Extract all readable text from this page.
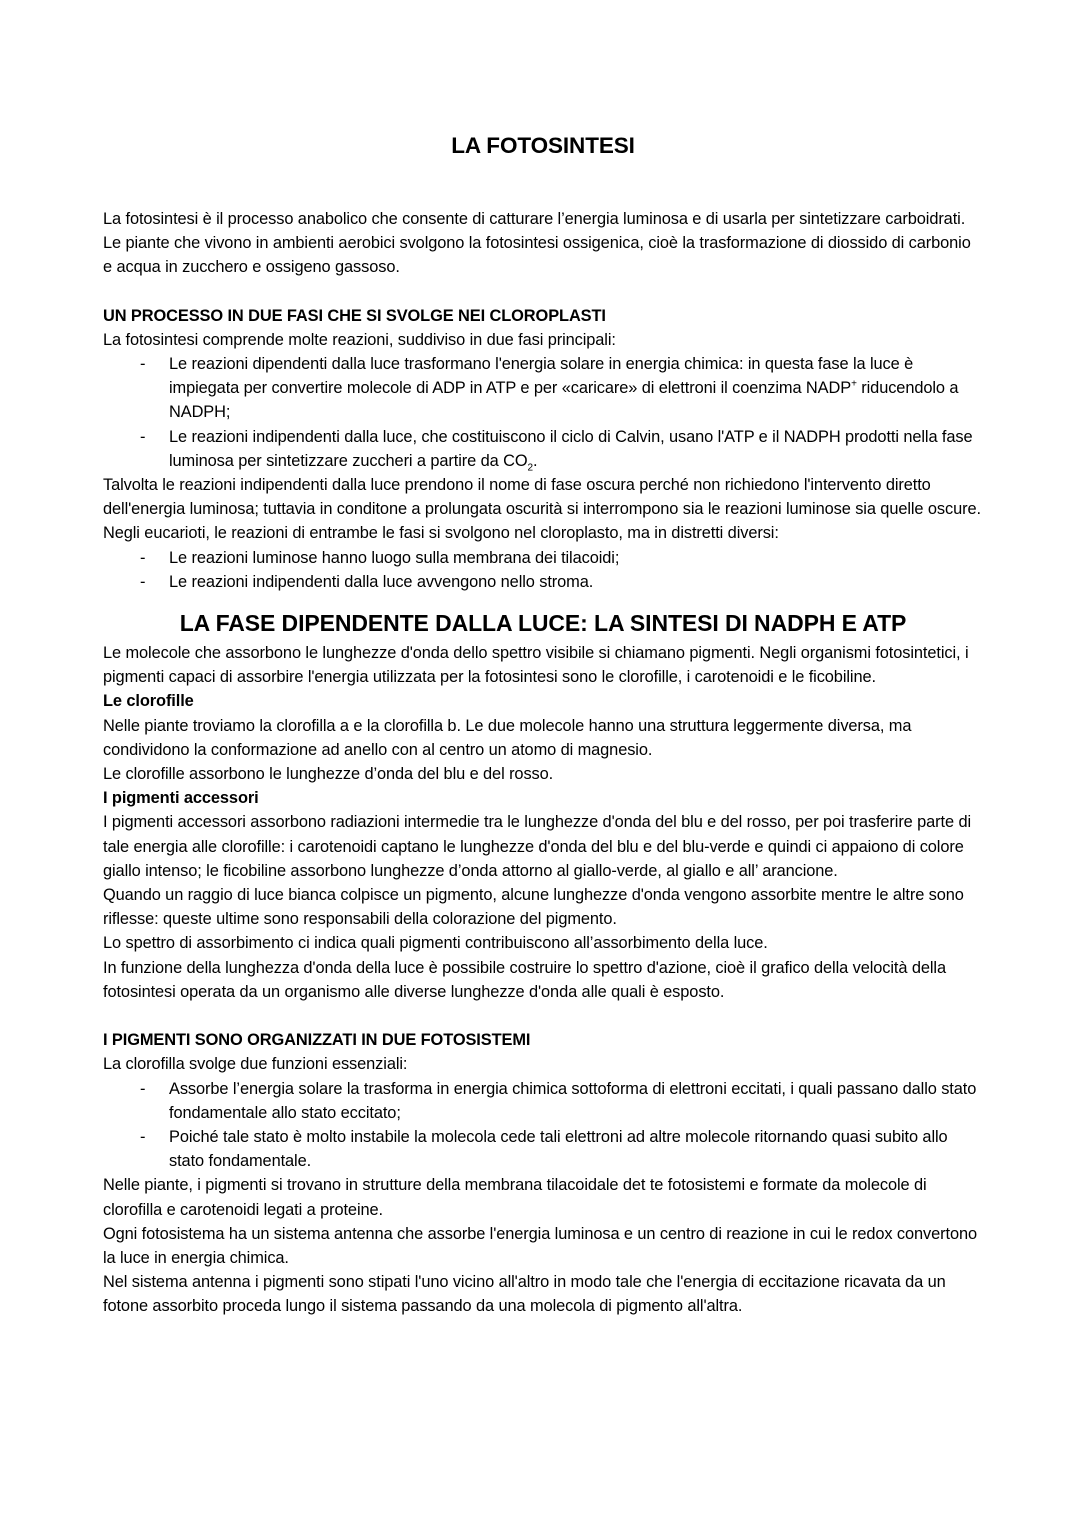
LA FOTOSINTESI

La fotosintesi è il processo anabolico che consente di catturare l’energia luminosa e di usarla per sintetizzare carboidrati. Le piante che vivono in ambienti aerobici svolgono la fotosintesi ossigenica, cioè la trasformazione di diossido di carbonio e acqua in zucchero e ossigeno gassoso.

UN PROCESSO IN DUE FASI CHE SI SVOLGE NEI CLOROPLASTI

La fotosintesi comprende molte reazioni, suddiviso in due fasi principali:

- Le reazioni dipendenti dalla luce trasformano l'energia solare in energia chimica: in questa fase la luce è impiegata per convertire molecole di ADP in ATP e per «caricare» di elettroni il coenzima NADP+ riducendolo a NADPH;
- Le reazioni indipendenti dalla luce, che costituiscono il ciclo di Calvin, usano l'ATP e il NADPH prodotti nella fase luminosa per sintetizzare zuccheri a partire da $CO_2$.

Talvolta le reazioni indipendenti dalla luce prendono il nome di fase oscura perché non richiedono l'intervento diretto dell'energia luminosa; tuttavia in conditone a prolungata oscurità si interrompono sia le reazioni luminose sia quelle oscure.

Negli eucarioti, le reazioni di entrambe le fasi si svolgono nel cloroplasto, ma in distretti diversi:

- Le reazioni luminose hanno luogo sulla membrana dei tilacoidi;
- Le reazioni indipendenti dalla luce avvengono nello stroma.
LA FASE DIPENDENTE DALLA LUCE: LA SINTESI DI NADPH E ATP

Le molecole che assorbono le lunghezze d'onda dello spettro visibile si chiamano pigmenti. Negli organismi fotosintetici, i pigmenti capaci di assorbire l'energia utilizzata per la fotosintesi sono le clorofille, i carotenoidi e le ficobiline.

Le clorofille

Nelle piante troviamo la clorofilla a e la clorofilla b. Le due molecole hanno una struttura leggermente diversa, ma condividono la conformazione ad anello con al centro un atomo di magnesio.

Le clorofille assorbono le lunghezze d’onda del blu e del rosso.

I pigmenti accessori

I pigmenti accessori assorbono radiazioni intermedie tra le lunghezze d'onda del blu e del rosso, per poi trasferire parte di tale energia alle clorofille: i carotenoidi captano le lunghezze d'onda del blu e del blu-verde e quindi ci appaiono di colore giallo intenso; le ficobiline assorbono lunghezze d’onda attorno al giallo-verde, al giallo e all’ arancione.

Quando un raggio di luce bianca colpisce un pigmento, alcune lunghezze d'onda vengono assorbite mentre le altre sono riflesse: queste ultime sono responsabili della colorazione del pigmento.

Lo spettro di assorbimento ci indica quali pigmenti contribuiscono all’assorbimento della luce.

In funzione della lunghezza d'onda della luce è possibile costruire lo spettro d'azione, cioè il grafico della velocità della fotosintesi operata da un organismo alle diverse lunghezze d'onda alle quali è esposto.

I PIGMENTI SONO ORGANIZZATI IN DUE FOTOSISTEMI

La clorofilla svolge due funzioni essenziali:

- Assorbe l’energia solare la trasforma in energia chimica sottoforma di elettroni eccitati, i quali passano dallo stato fondamentale allo stato eccitato;
- Poiché tale stato è molto instabile la molecola cede tali elettroni ad altre molecole ritornando quasi subito allo stato fondamentale.

Nelle piante, i pigmenti si trovano in strutture della membrana tilacoidale det te fotosistemi e formate da molecole di clorofilla e carotenoidi legati a proteine.

Ogni fotosistema ha un sistema antenna che assorbe l'energia luminosa e un centro di reazione in cui le redox convertono la luce in energia chimica.

Nel sistema antenna i pigmenti sono stipati l'uno vicino all'altro in modo tale che l'energia di eccitazione ricavata da un fotone assorbito proceda lungo il sistema passando da una molecola di pigmento all'altra.
